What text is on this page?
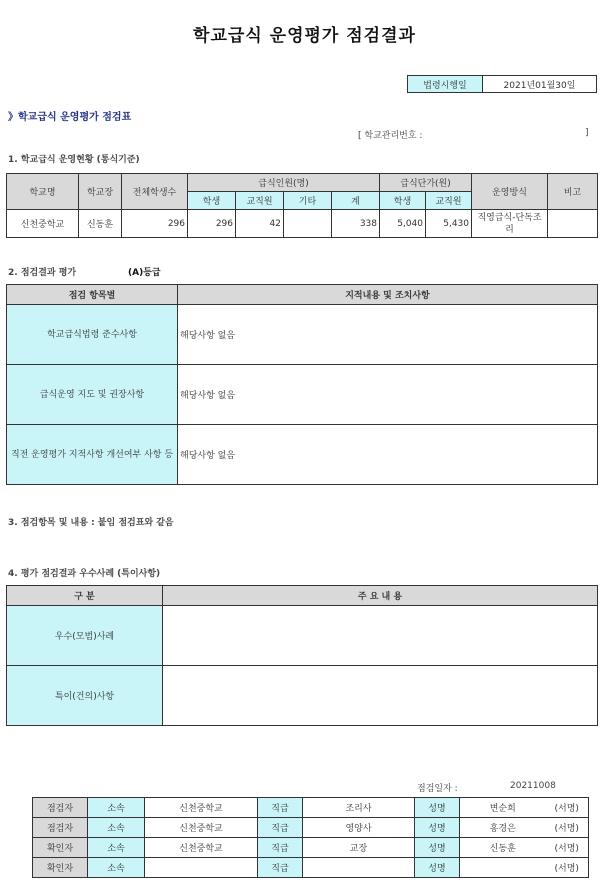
학교급식 운영평가 점검결과
법령시행일	2021년01월30일
》학교급식 운영평가 점검표
[ 학교관리번호 :	]
1. 학교급식 운영현황 (통식기준)
학교명	학교장	전체학생수	급식인원(명)				급식단가(원)		운영방식	비고
			학생	교직원	기타	계	학생	교직원		
신천중학교	신동훈	296	296	42		338	5,040	5,430	직영급식-단독조리	
2. 점검결과 평가	(A)등급
점검 항목별	지적내용 및 조치사항
학교급식법령 준수사항	해당사항 없음
급식운영 지도 및 권장사항	해당사항 없음
직전 운영평가 지적사항 개선여부 사항 등	해당사항 없음
3. 점검항목 및 내용 : 붙임 점검표와 같음
4. 평가 점검결과 우수사례 (특이사항)
구 분	주 요 내 용
우수(모범)사례	
특이(건의)사항	
점검일자 :	20211008
점검자	소속	신천중학교	직급	조리사	성명	변순희	(서명)
점검자	소속	신천중학교	직급	영양사	성명	홍경은	(서명)
확인자	소속	신천중학교	직급	교장	성명	신동훈	(서명)
확인자	소속		직급		성명		(서명)
